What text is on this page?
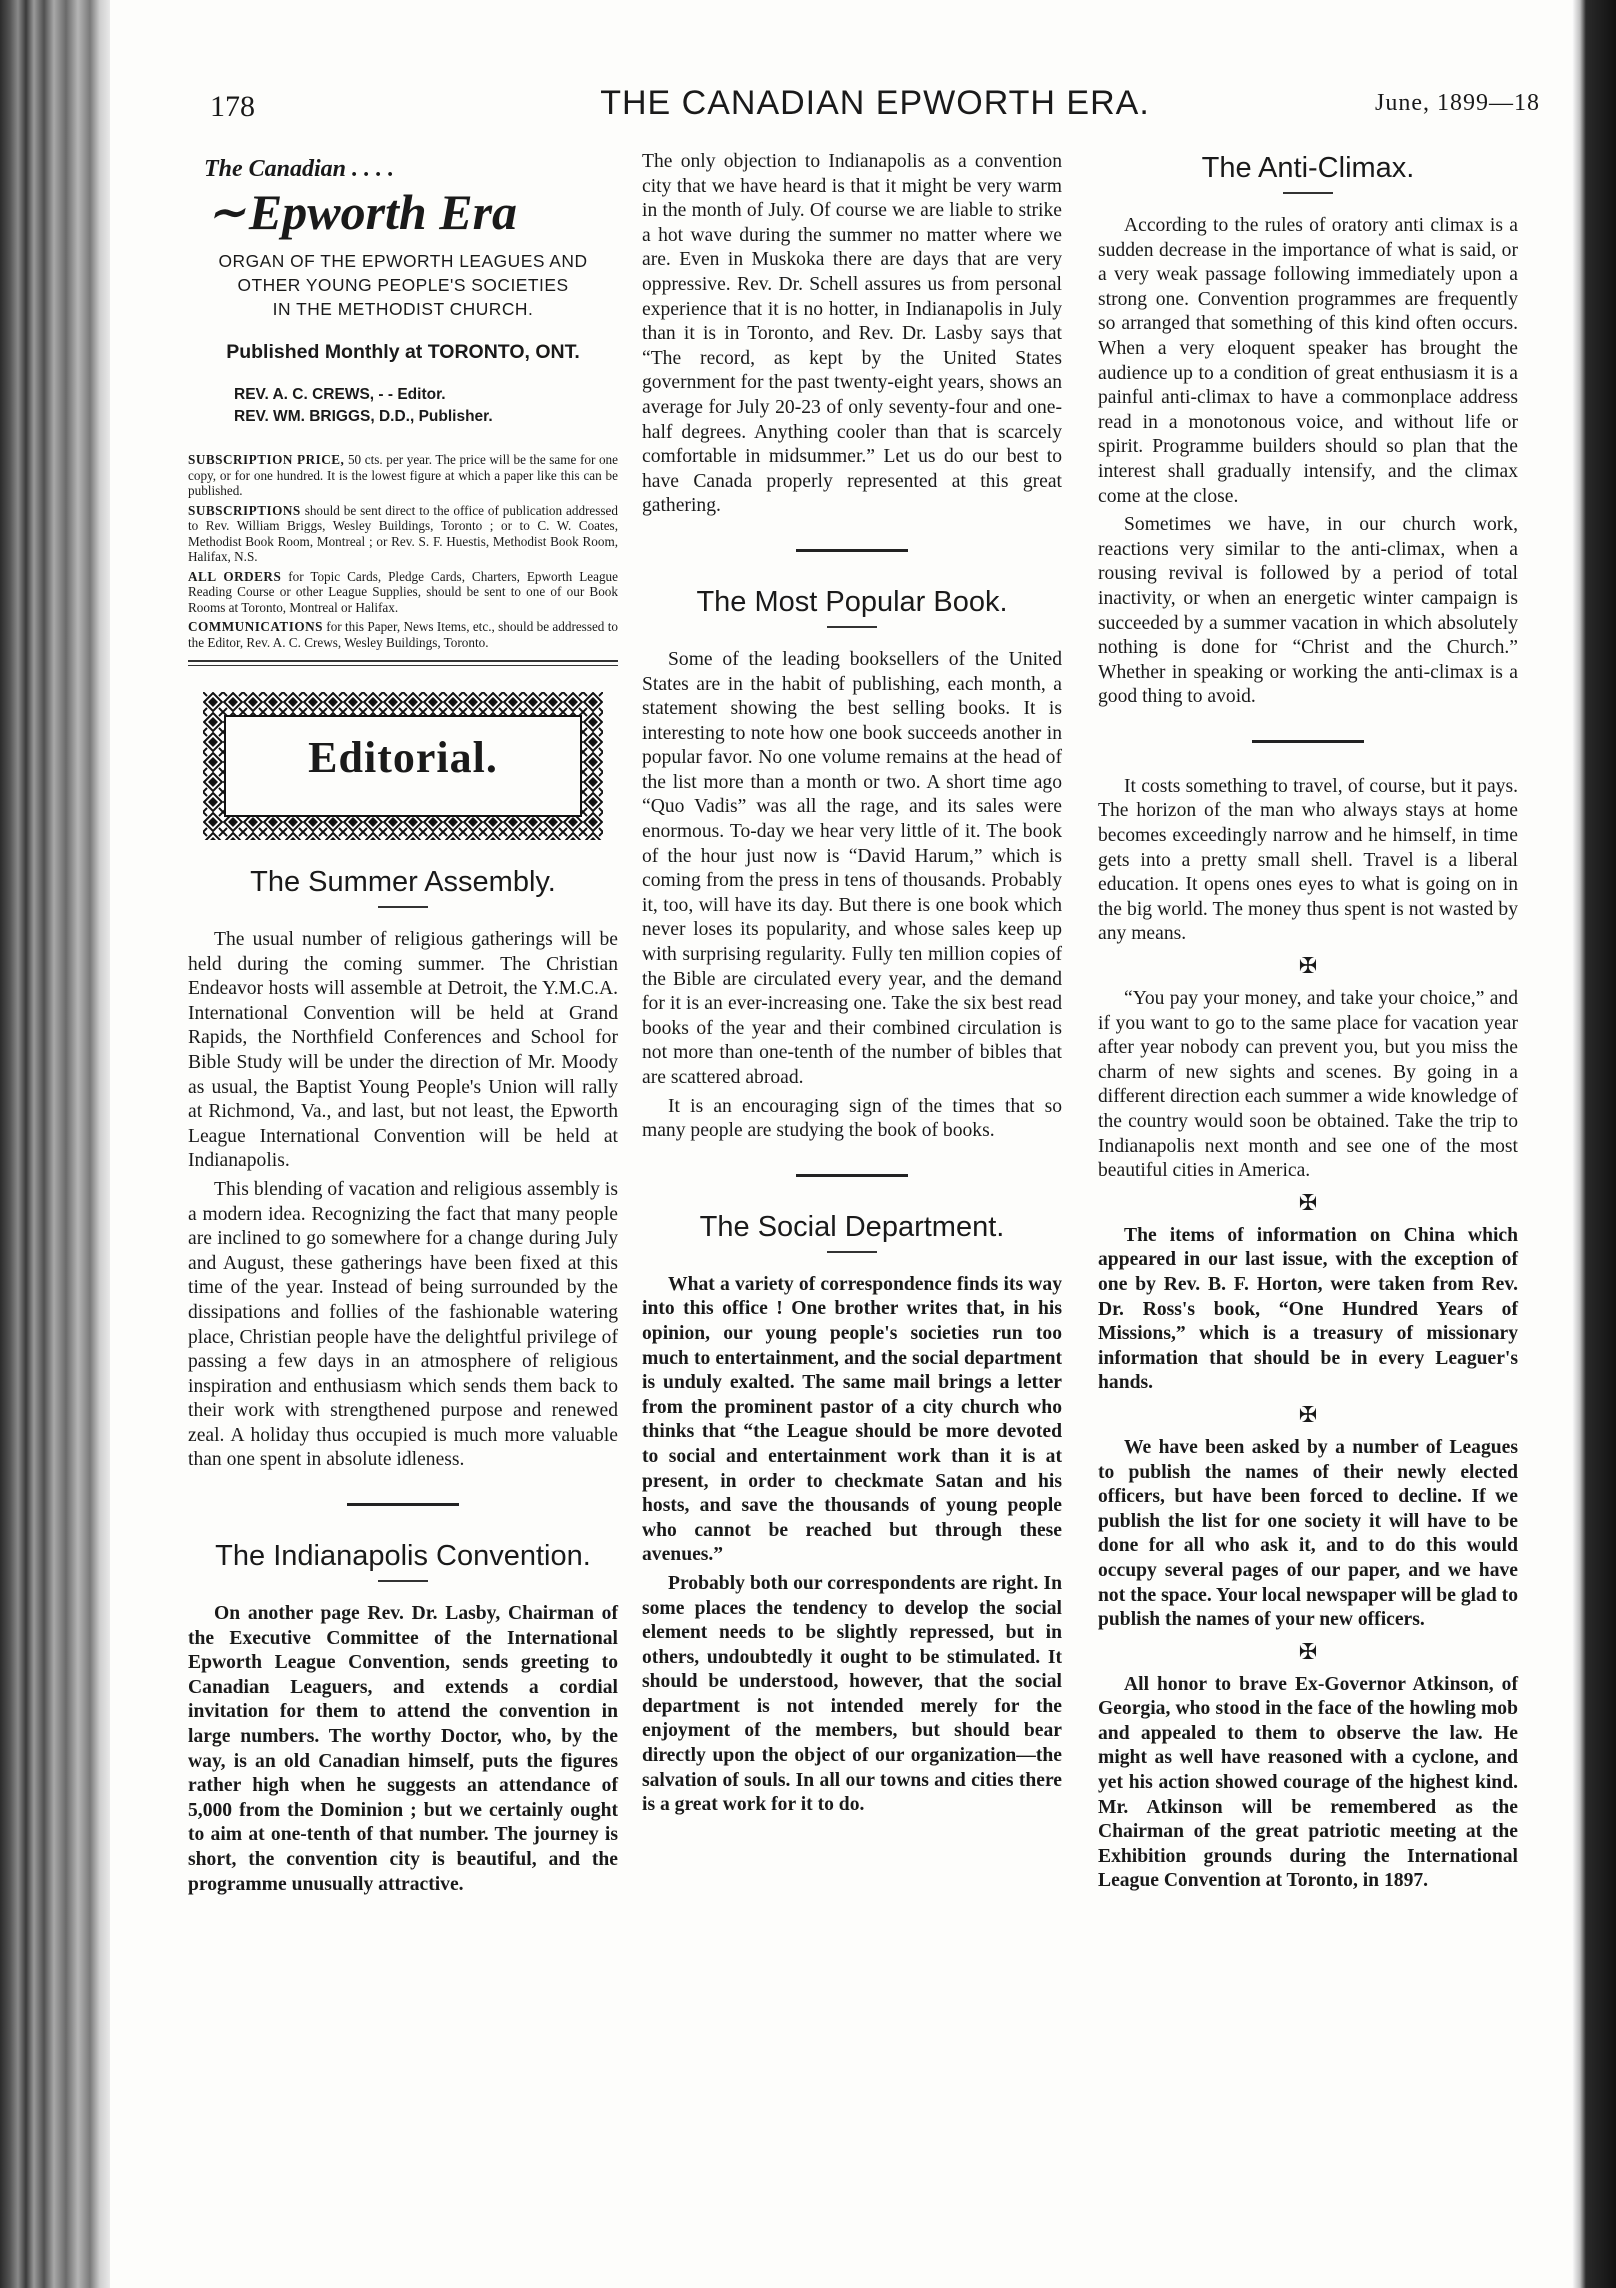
178	THE CANADIAN EPWORTH ERA.	June, 1899—18
The Canadian . . . .
∼ Epworth Era
ORGAN OF THE EPWORTH LEAGUES AND
OTHER YOUNG PEOPLE'S SOCIETIES
IN THE METHODIST CHURCH.
Published Monthly at TORONTO, ONT.
REV. A. C. CREWS, - - Editor.
REV. WM. BRIGGS, D.D., Publisher.
SUBSCRIPTION PRICE, 50 cts. per year. The price will be the same for one copy, or for one hundred. It is the lowest figure at which a paper like this can be published.
SUBSCRIPTIONS should be sent direct to the office of publication addressed to Rev. William Briggs, Wesley Buildings, Toronto ; or to C. W. Coates, Methodist Book Room, Montreal ; or Rev. S. F. Huestis, Methodist Book Room, Halifax, N.S.
ALL ORDERS for Topic Cards, Pledge Cards, Charters, Epworth League Reading Course or other League Supplies, should be sent to one of our Book Rooms at Toronto, Montreal or Halifax.
COMMUNICATIONS for this Paper, News Items, etc., should be addressed to the Editor, Rev. A. C. Crews, Wesley Buildings, Toronto.
Editorial.
The Summer Assembly.

The usual number of religious gatherings will be held during the coming summer. The Christian Endeavor hosts will assemble at Detroit, the Y.M.C.A. International Convention will be held at Grand Rapids, the Northfield Conferences and School for Bible Study will be under the direction of Mr. Moody as usual, the Baptist Young People's Union will rally at Richmond, Va., and last, but not least, the Epworth League International Convention will be held at Indianapolis.

This blending of vacation and religious assembly is a modern idea. Recognizing the fact that many people are inclined to go somewhere for a change during July and August, these gatherings have been fixed at this time of the year. Instead of being surrounded by the dissipations and follies of the fashionable watering place, Christian people have the delightful privilege of passing a few days in an atmosphere of religious inspiration and enthusiasm which sends them back to their work with strengthened purpose and renewed zeal. A holiday thus occupied is much more valuable than one spent in absolute idleness.

The Indianapolis Convention.

On another page Rev. Dr. Lasby, Chairman of the Executive Committee of the International Epworth League Convention, sends greeting to Canadian Leaguers, and extends a cordial invitation for them to attend the convention in large numbers. The worthy Doctor, who, by the way, is an old Canadian himself, puts the figures rather high when he suggests an attendance of 5,000 from the Dominion ; but we certainly ought to aim at one-tenth of that number. The journey is short, the convention city is beautiful, and the programme unusually attractive.

The only objection to Indianapolis as a convention city that we have heard is that it might be very warm in the month of July. Of course we are liable to strike a hot wave during the summer no matter where we are. Even in Muskoka there are days that are very oppressive. Rev. Dr. Schell assures us from personal experience that it is no hotter, in Indianapolis in July than it is in Toronto, and Rev. Dr. Lasby says that “The record, as kept by the United States government for the past twenty-eight years, shows an average for July 20-23 of only seventy-four and one-half degrees. Anything cooler than that is scarcely comfortable in midsummer.” Let us do our best to have Canada properly represented at this great gathering.

The Most Popular Book.

Some of the leading booksellers of the United States are in the habit of publishing, each month, a statement showing the best selling books. It is interesting to note how one book succeeds another in popular favor. No one volume remains at the head of the list more than a month or two. A short time ago “Quo Vadis” was all the rage, and its sales were enormous. To-day we hear very little of it. The book of the hour just now is “David Harum,” which is coming from the press in tens of thousands. Probably it, too, will have its day. But there is one book which never loses its popularity, and whose sales keep up with surprising regularity. Fully ten million copies of the Bible are circulated every year, and the demand for it is an ever-increasing one. Take the six best read books of the year and their combined circulation is not more than one-tenth of the number of bibles that are scattered abroad.

It is an encouraging sign of the times that so many people are studying the book of books.

The Social Department.

What a variety of correspondence finds its way into this office ! One brother writes that, in his opinion, our young people's societies run too much to entertainment, and the social department is unduly exalted. The same mail brings a letter from the prominent pastor of a city church who thinks that “the League should be more devoted to social and entertainment work than it is at present, in order to checkmate Satan and his hosts, and save the thousands of young people who cannot be reached but through these avenues.”

Probably both our correspondents are right. In some places the tendency to develop the social element needs to be slightly repressed, but in others, undoubtedly it ought to be stimulated. It should be understood, however, that the social department is not intended merely for the enjoyment of the members, but should bear directly upon the object of our organization—the salvation of souls. In all our towns and cities there is a great work for it to do.

The Anti-Climax.

According to the rules of oratory anti climax is a sudden decrease in the importance of what is said, or a very weak passage following immediately upon a strong one. Convention programmes are frequently so arranged that something of this kind often occurs. When a very eloquent speaker has brought the audience up to a condition of great enthusiasm it is a painful anti-climax to have a commonplace address read in a monotonous voice, and without life or spirit. Programme builders should so plan that the interest shall gradually intensify, and the climax come at the close.

Sometimes we have, in our church work, reactions very similar to the anti-climax, when a rousing revival is followed by a period of total inactivity, or when an energetic winter campaign is succeeded by a summer vacation in which absolutely nothing is done for “Christ and the Church.” Whether in speaking or working the anti-climax is a good thing to avoid.

It costs something to travel, of course, but it pays. The horizon of the man who always stays at home becomes exceedingly narrow and he himself, in time gets into a pretty small shell. Travel is a liberal education. It opens ones eyes to what is going on in the big world. The money thus spent is not wasted by any means.

✠

“You pay your money, and take your choice,” and if you want to go to the same place for vacation year after year nobody can prevent you, but you miss the charm of new sights and scenes. By going in a different direction each summer a wide knowledge of the country would soon be obtained. Take the trip to Indianapolis next month and see one of the most beautiful cities in America.

✠

The items of information on China which appeared in our last issue, with the exception of one by Rev. B. F. Horton, were taken from Rev. Dr. Ross's book, “One Hundred Years of Missions,” which is a treasury of missionary information that should be in every Leaguer's hands.

✠

We have been asked by a number of Leagues to publish the names of their newly elected officers, but have been forced to decline. If we publish the list for one society it will have to be done for all who ask it, and to do this would occupy several pages of our paper, and we have not the space. Your local newspaper will be glad to publish the names of your new officers.

✠

All honor to brave Ex-Governor Atkinson, of Georgia, who stood in the face of the howling mob and appealed to them to observe the law. He might as well have reasoned with a cyclone, and yet his action showed courage of the highest kind. Mr. Atkinson will be remembered as the Chairman of the great patriotic meeting at the Exhibition grounds during the International League Convention at Toronto, in 1897.
